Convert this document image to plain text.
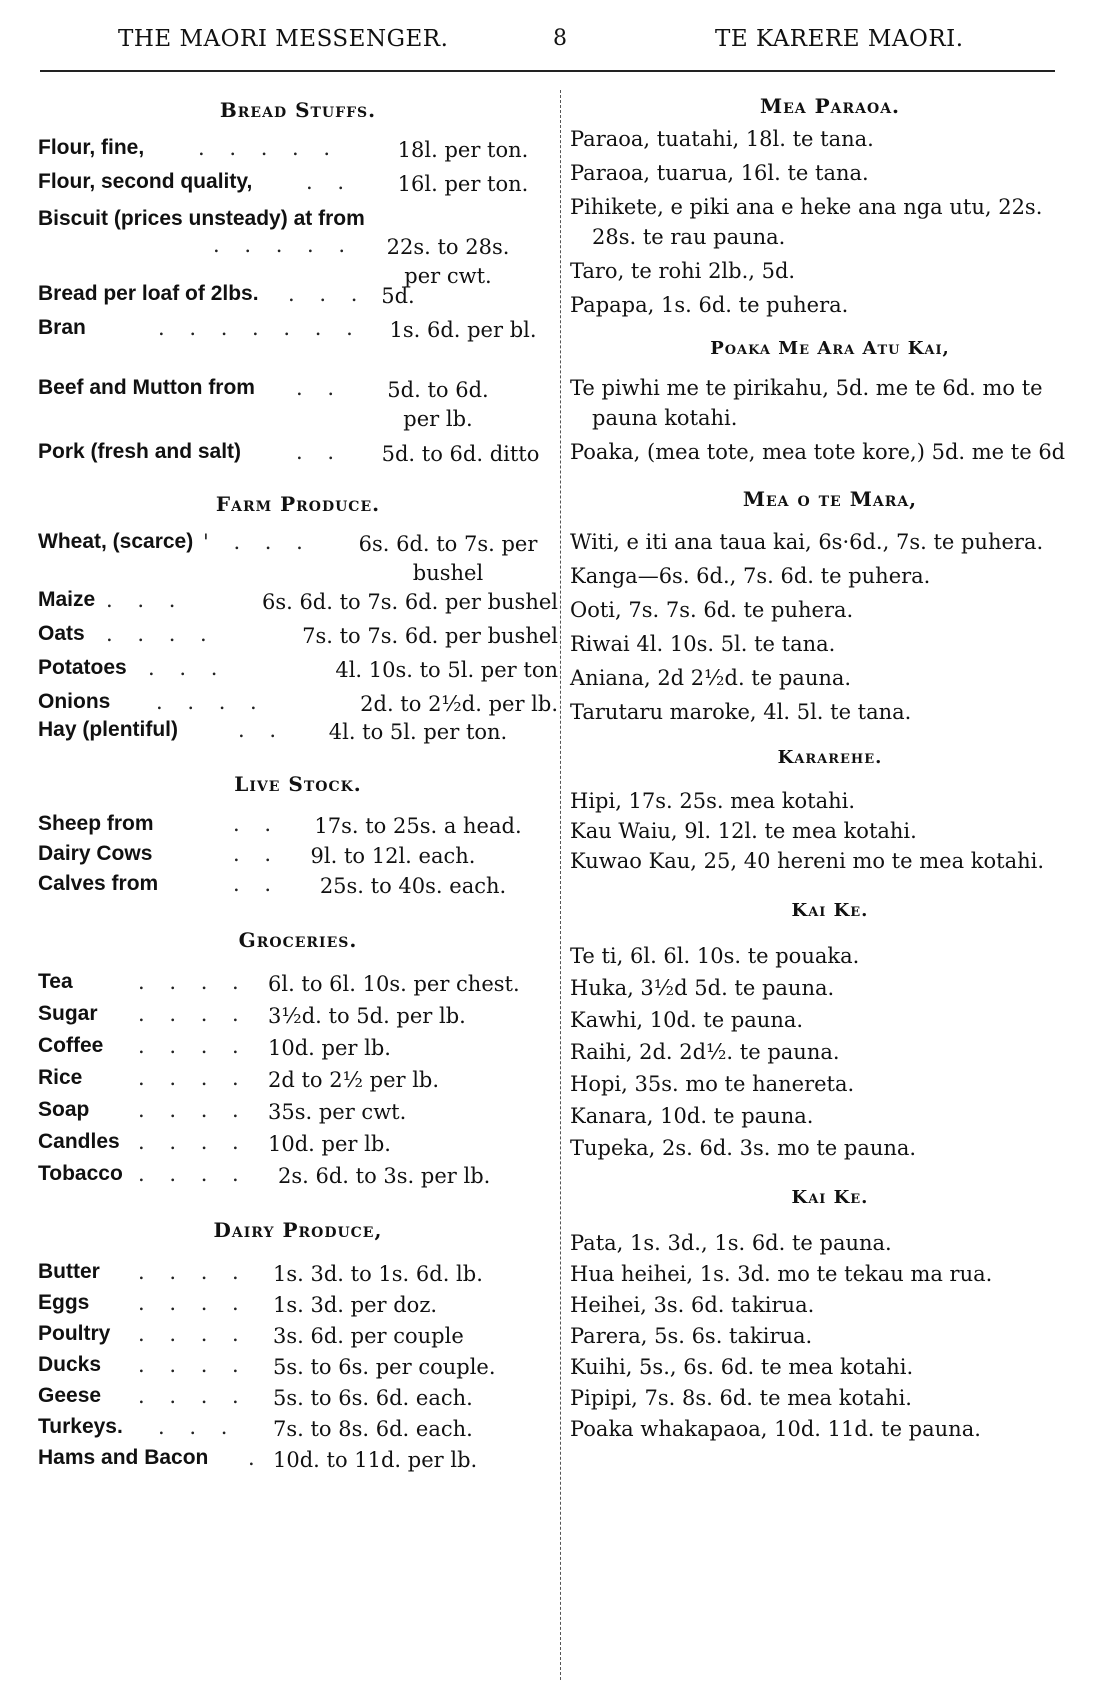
THE MAORI MESSENGER.	8	TE KARERE MAORI.
Bread Stuffs.
Flour, fine,	. . . . .	18l. per ton.
Flour, second quality,	. .	16l. per ton.
Biscuit (prices unsteady) at from
. . . . .	22s. to 28s. per cwt.
Bread per loaf of 2lbs. . . . 5d.
Bran	. . . . . . .	1s. 6d. per bl.
Beef and Mutton from . .	5d. to 6d. per lb.
Pork (fresh and salt)	. .	5d. to 6d. ditto
Farm Produce.
Wheat, (scarce) ' . . .	6s. 6d. to 7s. per bushel
Maize . . .	6s. 6d. to 7s. 6d. per bushel
Oats . . . .	7s. to 7s. 6d. per bushel
Potatoes . . .	4l. 10s. to 5l. per ton
Onions . . . .	2d. to 2½d. per lb.
Hay (plentiful)	. .	4l. to 5l. per ton.
Live Stock.
Sheep from	. .	17s. to 25s. a head.
Dairy Cows	. .	9l. to 12l. each.
Calves from	. .	25s. to 40s. each.
Groceries.
Tea	. . . . 6l. to 6l. 10s. per chest.
Sugar . . . . 3½d. to 5d. per lb.
Coffee . . . . 10d. per lb.
Rice	. . . . 2d to 2½ per lb.
Soap . . . . 35s. per cwt.
Candles . . . . 10d. per lb.
Tobacco . . . . 2s. 6d. to 3s. per lb.
Dairy Produce,
Butter . . . . 1s. 3d. to 1s. 6d. lb.
Eggs . . . . 1s. 3d. per doz.
Poultry . . . . 3s. 6d. per couple
Ducks . . . . 5s. to 6s. per couple.
Geese . . . . 5s. to 6s. 6d. each.
Turkeys. . . . 7s. to 8s. 6d. each.
Hams and Bacon . 10d. to 11d. per lb.
Mea Paraoa.
Paraoa, tuatahi, 18l. te tana.
Paraoa, tuarua, 16l. te tana.
Pihikete, e piki ana e heke ana nga utu, 22s. 28s. te rau pauna.
Taro, te rohi 2lb., 5d.
Papapa, 1s. 6d. te puhera.
Poaka Me Ara Atu Kai,
Te piwhi me te pirikahu, 5d. me te 6d. mo te pauna kotahi.
Poaka, (mea tote, mea tote kore,) 5d. me te 6d
Mea o te Mara,
Witi, e iti ana taua kai, 6s·6d., 7s. te puhera.
Kanga—6s. 6d., 7s. 6d. te puhera.
Ooti, 7s. 7s. 6d. te puhera.
Riwai 4l. 10s. 5l. te tana.
Aniana, 2d 2½d. te pauna.
Tarutaru maroke, 4l. 5l. te tana.
Kararehe.
Hipi, 17s. 25s. mea kotahi.
Kau Waiu, 9l. 12l. te mea kotahi.
Kuwao Kau, 25, 40 hereni mo te mea kotahi.
Kai Ke.
Te ti, 6l. 6l. 10s. te pouaka.
Huka, 3½d 5d. te pauna.
Kawhi, 10d. te pauna.
Raihi, 2d. 2d½. te pauna.
Hopi, 35s. mo te hanereta.
Kanara, 10d. te pauna.
Tupeka, 2s. 6d. 3s. mo te pauna.
Kai Ke.
Pata, 1s. 3d., 1s. 6d. te pauna.
Hua heihei, 1s. 3d. mo te tekau ma rua.
Heihei, 3s. 6d. takirua.
Parera, 5s. 6s. takirua.
Kuihi, 5s., 6s. 6d. te mea kotahi.
Pipipi, 7s. 8s. 6d. te mea kotahi.
Poaka whakapaoa, 10d. 11d. te pauna.
